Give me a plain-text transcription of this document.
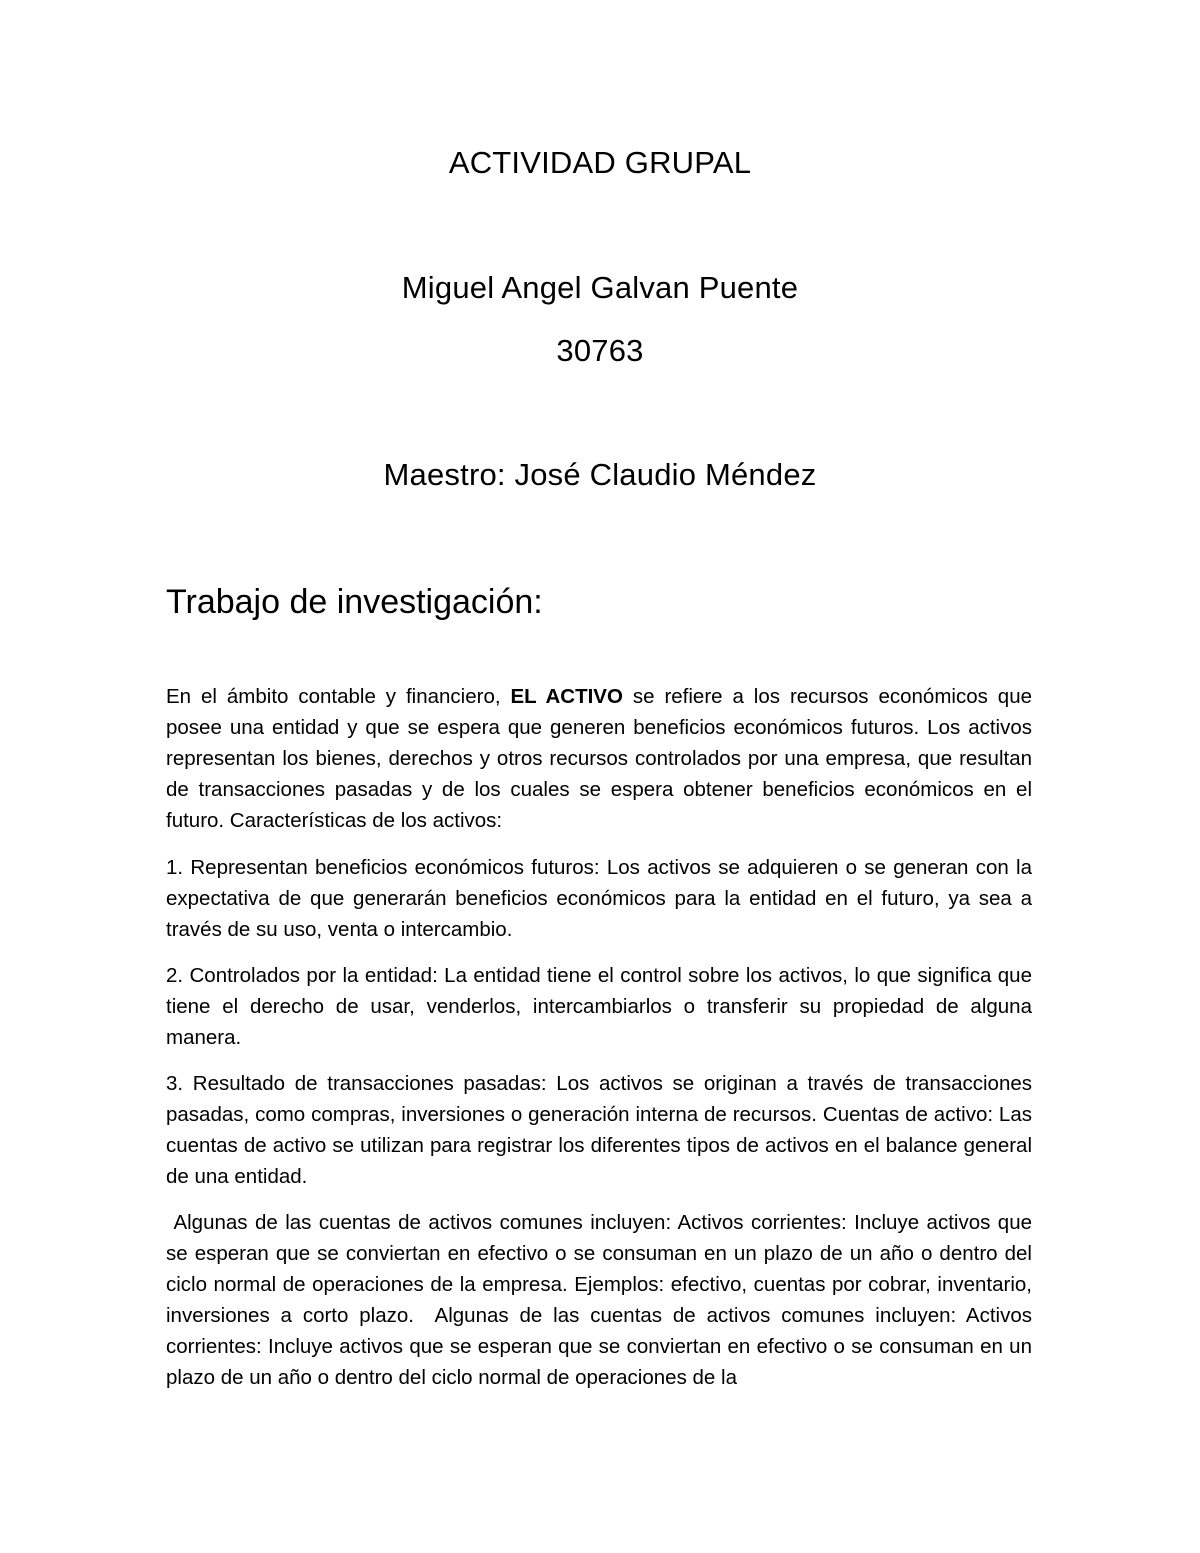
ACTIVIDAD GRUPAL
Miguel Angel Galvan Puente
30763
Maestro: José Claudio Méndez
Trabajo de investigación:

En el ámbito contable y financiero, EL ACTIVO se refiere a los recursos económicos que posee una entidad y que se espera que generen beneficios económicos futuros. Los activos representan los bienes, derechos y otros recursos controlados por una empresa, que resultan de transacciones pasadas y de los cuales se espera obtener beneficios económicos en el futuro. Características de los activos:

1. Representan beneficios económicos futuros: Los activos se adquieren o se generan con la expectativa de que generarán beneficios económicos para la entidad en el futuro, ya sea a través de su uso, venta o intercambio.

2. Controlados por la entidad: La entidad tiene el control sobre los activos, lo que significa que tiene el derecho de usar, venderlos, intercambiarlos o transferir su propiedad de alguna manera.

3. Resultado de transacciones pasadas: Los activos se originan a través de transacciones pasadas, como compras, inversiones o generación interna de recursos. Cuentas de activo: Las cuentas de activo se utilizan para registrar los diferentes tipos de activos en el balance general de una entidad.

Algunas de las cuentas de activos comunes incluyen: Activos corrientes: Incluye activos que se esperan que se conviertan en efectivo o se consuman en un plazo de un año o dentro del ciclo normal de operaciones de la empresa. Ejemplos: efectivo, cuentas por cobrar, inventario, inversiones a corto plazo.  Algunas de las cuentas de activos comunes incluyen: Activos corrientes: Incluye activos que se esperan que se conviertan en efectivo o se consuman en un plazo de un año o dentro del ciclo normal de operaciones de la
